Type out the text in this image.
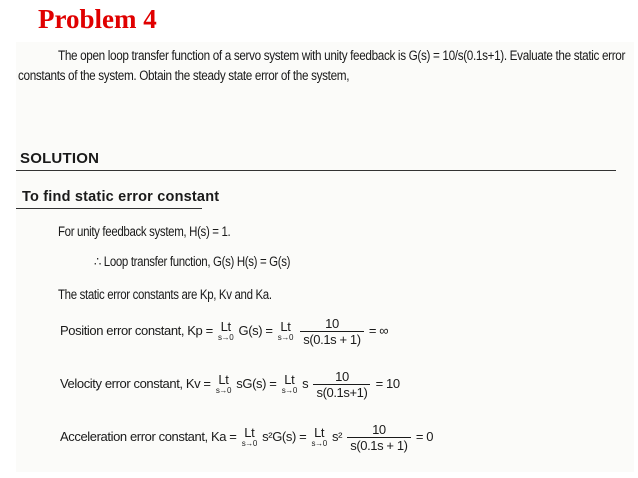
Problem 4
The open loop transfer function of a servo system with unity feedback is G(s) = 10/s(0.1s+1). Evaluate the static error
constants of the system. Obtain the steady state error of the system,
SOLUTION
To find static error constant
For unity feedback system, H(s) = 1.
∴ Loop transfer function, G(s) H(s) = G(s)
The static error constants are Kp, Kv and Ka.
Position error constant, Kp = Lt
s→0 G(s) = Lt
s→0
$\frac{10}{s(0.1s + 1)}$ = ∞
Velocity error constant, Kv = Lt
s→0 sG(s) = Lt
s→0 s $\frac{10}{s(0.1s+1)} = 10$
Acceleration error constant, Ka = Lt
s→0 s²G(s) = Lt
s→0 $s^2 \frac{10}{s(0.1s + 1)} = 0$
